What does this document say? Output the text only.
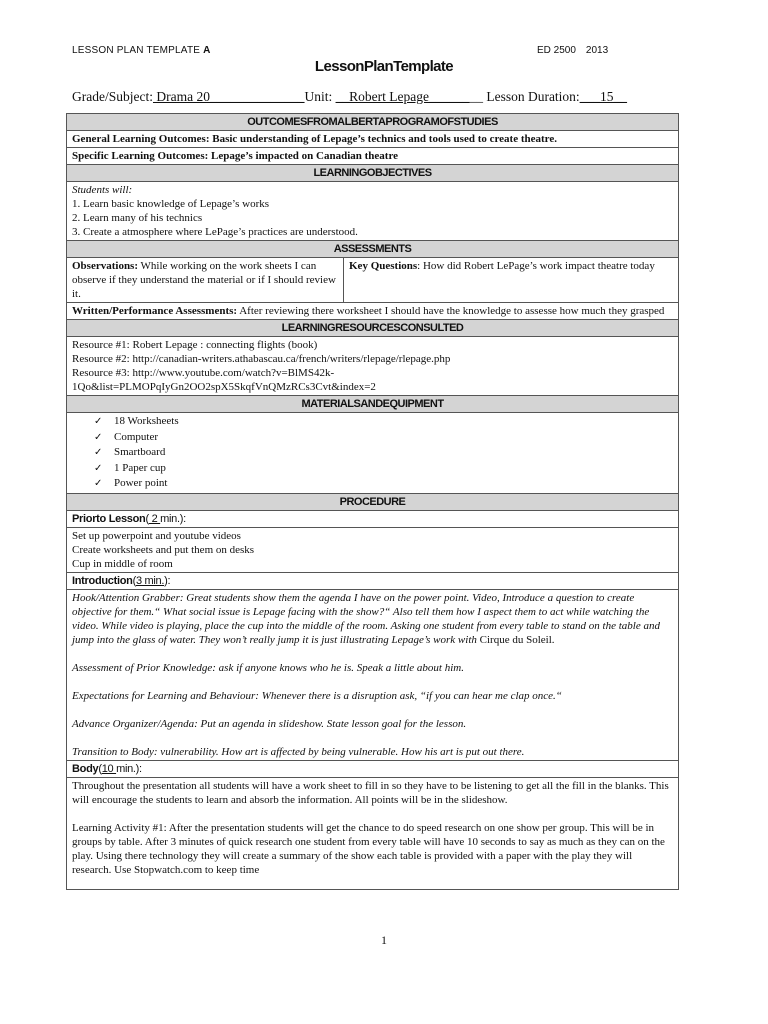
LESSON PLAN TEMPLATE A	ED 2500 2013
LessonPlanTemplate
Grade/Subject: Drama 20______________Unit: __Robert Lepage________ Lesson Duration:___15__
OUTCOMESFROMALBERTAPROGRAMOFSTUDIES
General Learning Outcomes: Basic understanding of Lepage’s technics and tools used to create theatre.
Specific Learning Outcomes: Lepage’s impacted on Canadian theatre
LEARNINGOBJECTIVES

Students will:
1. Learn basic knowledge of Lepage’s works
2. Learn many of his technics
3. Create a atmosphere where LePage’s practices are understood.

ASSESSMENTS
Observations: While working on the work sheets I can observe if they understand the material or if I should review it.	Key Questions: How did Robert LePage’s work impact theatre today
Written/Performance Assessments: After reviewing there worksheet I should have the knowledge to assesse how much they grasped
LEARNINGRESOURCESCONSULTED

Resource #1: Robert Lepage : connecting flights (book)
Resource #2: http://canadian-writers.athabascau.ca/french/writers/rlepage/rlepage.php
Resource #3: http://www.youtube.com/watch?v=BlMS42k-
1Qo&list=PLMOPqIyGn2OO2spX5SkqfVnQMzRCs3Cvt&index=2

MATERIALSANDEQUIPMENT

✓ 18 Worksheets
✓ Computer
✓ Smartboard
✓ 1 Paper cup
✓ Power point

PROCEDURE
Priorto Lesson( 2 min.):

Set up powerpoint and youtube videos
Create worksheets and put them on desks
Cup in middle of room

Introduction(3 min.):

Hook/Attention Grabber: Great students show them the agenda I have on the power point. Video, Introduce a question to create objective for them.“ What social issue is Lepage facing with the show?“ Also tell them how I aspect them to act while watching the video. While video is playing, place the cup into the middle of the room. Asking one student from every table to stand on the table and jump into the glass of water. They won’t really jump it is just illustrating Lepage’s work with Cirque du Soleil.

Assessment of Prior Knowledge: ask if anyone knows who he is. Speak a little about him.

Expectations for Learning and Behaviour: Whenever there is a disruption ask, “if you can hear me clap once.“

Advance Organizer/Agenda: Put an agenda in slideshow. State lesson goal for the lesson.

Transition to Body: vulnerability. How art is affected by being vulnerable. How his art is put out there.

Body(10 min.):

Throughout the presentation all students will have a work sheet to fill in so they have to be listening to get all the fill in the blanks. This will encourage the students to learn and absorb the information. All points will be in the slideshow.

Learning Activity #1: After the presentation students will get the chance to do speed research on one show per group. This will be in groups by table. After 3 minutes of quick research one student from every table will have 10 seconds to say as much as they can on the play. Using there technology they will create a summary of the show each table is provided with a paper with the play they will research. Use Stopwatch.com to keep time

1
